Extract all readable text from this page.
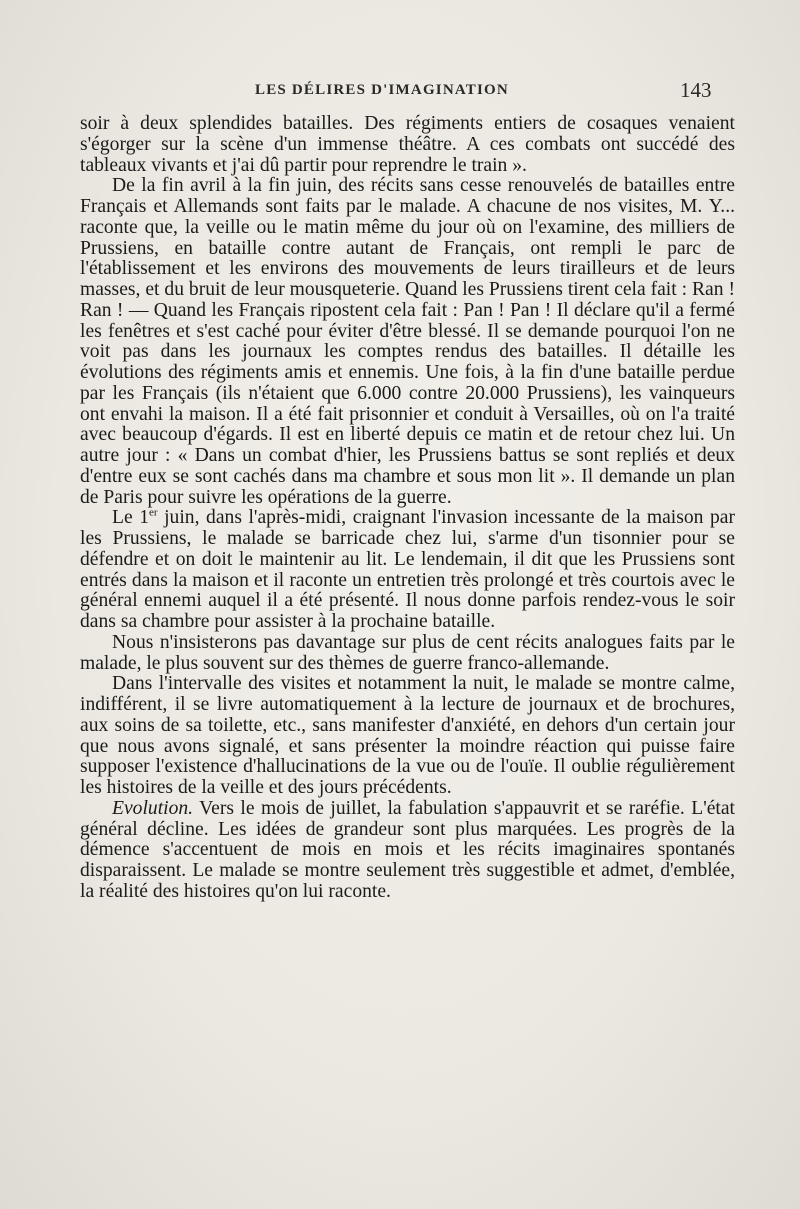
LES DÉLIRES D'IMAGINATION	143

soir à deux splendides batailles. Des régiments entiers de cosaques venaient s'égorger sur la scène d'un immense théâtre. A ces combats ont succédé des tableaux vivants et j'ai dû partir pour reprendre le train ».

De la fin avril à la fin juin, des récits sans cesse renouvelés de batailles entre Français et Allemands sont faits par le malade. A chacune de nos visites, M. Y... raconte que, la veille ou le matin même du jour où on l'examine, des milliers de Prussiens, en bataille contre autant de Français, ont rempli le parc de l'établissement et les environs des mouvements de leurs tirailleurs et de leurs masses, et du bruit de leur mousqueterie. Quand les Prussiens tirent cela fait : Ran ! Ran ! — Quand les Français ripostent cela fait : Pan ! Pan ! Il déclare qu'il a fermé les fenêtres et s'est caché pour éviter d'être blessé. Il se demande pourquoi l'on ne voit pas dans les journaux les comptes rendus des batailles. Il détaille les évolutions des régiments amis et ennemis. Une fois, à la fin d'une bataille perdue par les Français (ils n'étaient que 6.000 contre 20.000 Prussiens), les vainqueurs ont envahi la maison. Il a été fait prisonnier et conduit à Versailles, où on l'a traité avec beaucoup d'égards. Il est en liberté depuis ce matin et de retour chez lui. Un autre jour : « Dans un combat d'hier, les Prussiens battus se sont repliés et deux d'entre eux se sont cachés dans ma chambre et sous mon lit ». Il demande un plan de Paris pour suivre les opérations de la guerre.

Le 1er juin, dans l'après-midi, craignant l'invasion incessante de la maison par les Prussiens, le malade se barricade chez lui, s'arme d'un tisonnier pour se défendre et on doit le maintenir au lit. Le lendemain, il dit que les Prussiens sont entrés dans la maison et il raconte un entretien très prolongé et très courtois avec le général ennemi auquel il a été présenté. Il nous donne parfois rendez-vous le soir dans sa chambre pour assister à la prochaine bataille.

Nous n'insisterons pas davantage sur plus de cent récits analogues faits par le malade, le plus souvent sur des thèmes de guerre franco-allemande.

Dans l'intervalle des visites et notamment la nuit, le malade se montre calme, indifférent, il se livre automatiquement à la lecture de journaux et de brochures, aux soins de sa toilette, etc., sans manifester d'anxiété, en dehors d'un certain jour que nous avons signalé, et sans présenter la moindre réaction qui puisse faire supposer l'existence d'hallucinations de la vue ou de l'ouïe. Il oublie régulièrement les histoires de la veille et des jours précédents.

Evolution. Vers le mois de juillet, la fabulation s'appauvrit et se raréfie. L'état général décline. Les idées de grandeur sont plus marquées. Les progrès de la démence s'accentuent de mois en mois et les récits imaginaires spontanés disparaissent. Le malade se montre seulement très suggestible et admet, d'emblée, la réalité des histoires qu'on lui raconte.
